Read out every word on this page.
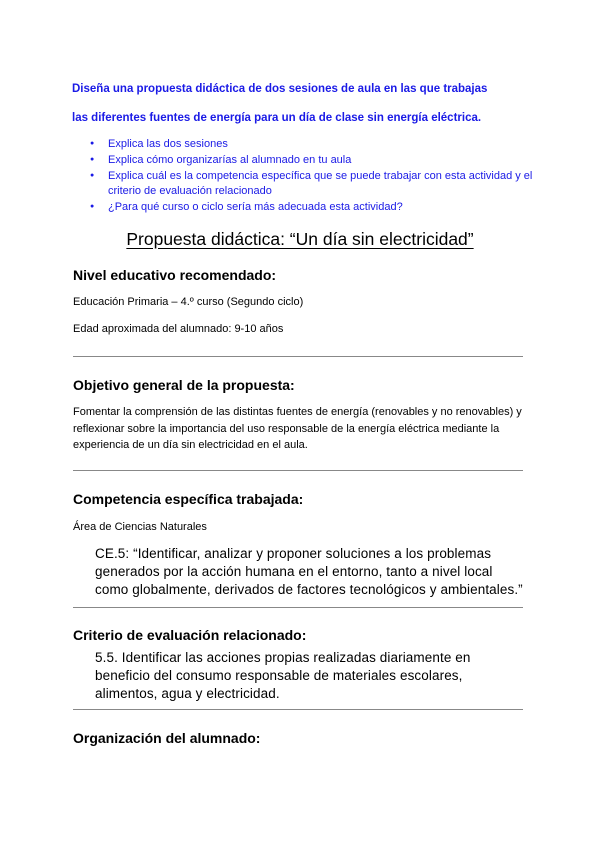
Diseña una propuesta didáctica de dos sesiones de aula en las que trabajas
las diferentes fuentes de energía para un día de clase sin energía eléctrica.
● Explica las dos sesiones
● Explica cómo organizarías al alumnado en tu aula
● Explica cuál es la competencia específica que se puede trabajar con esta actividad y el criterio de evaluación relacionado
● ¿Para qué curso o ciclo sería más adecuada esta actividad?
Propuesta didáctica: “Un día sin electricidad”
Nivel educativo recomendado:
Educación Primaria – 4.º curso (Segundo ciclo)
Edad aproximada del alumnado: 9-10 años
Objetivo general de la propuesta:
Fomentar la comprensión de las distintas fuentes de energía (renovables y no renovables) y reflexionar sobre la importancia del uso responsable de la energía eléctrica mediante la experiencia de un día sin electricidad en el aula.
Competencia específica trabajada:
Área de Ciencias Naturales
CE.5: “Identificar, analizar y proponer soluciones a los problemas generados por la acción humana en el entorno, tanto a nivel local como globalmente, derivados de factores tecnológicos y ambientales.”
Criterio de evaluación relacionado:
5.5. Identificar las acciones propias realizadas diariamente en beneficio del consumo responsable de materiales escolares, alimentos, agua y electricidad.
Organización del alumnado:
